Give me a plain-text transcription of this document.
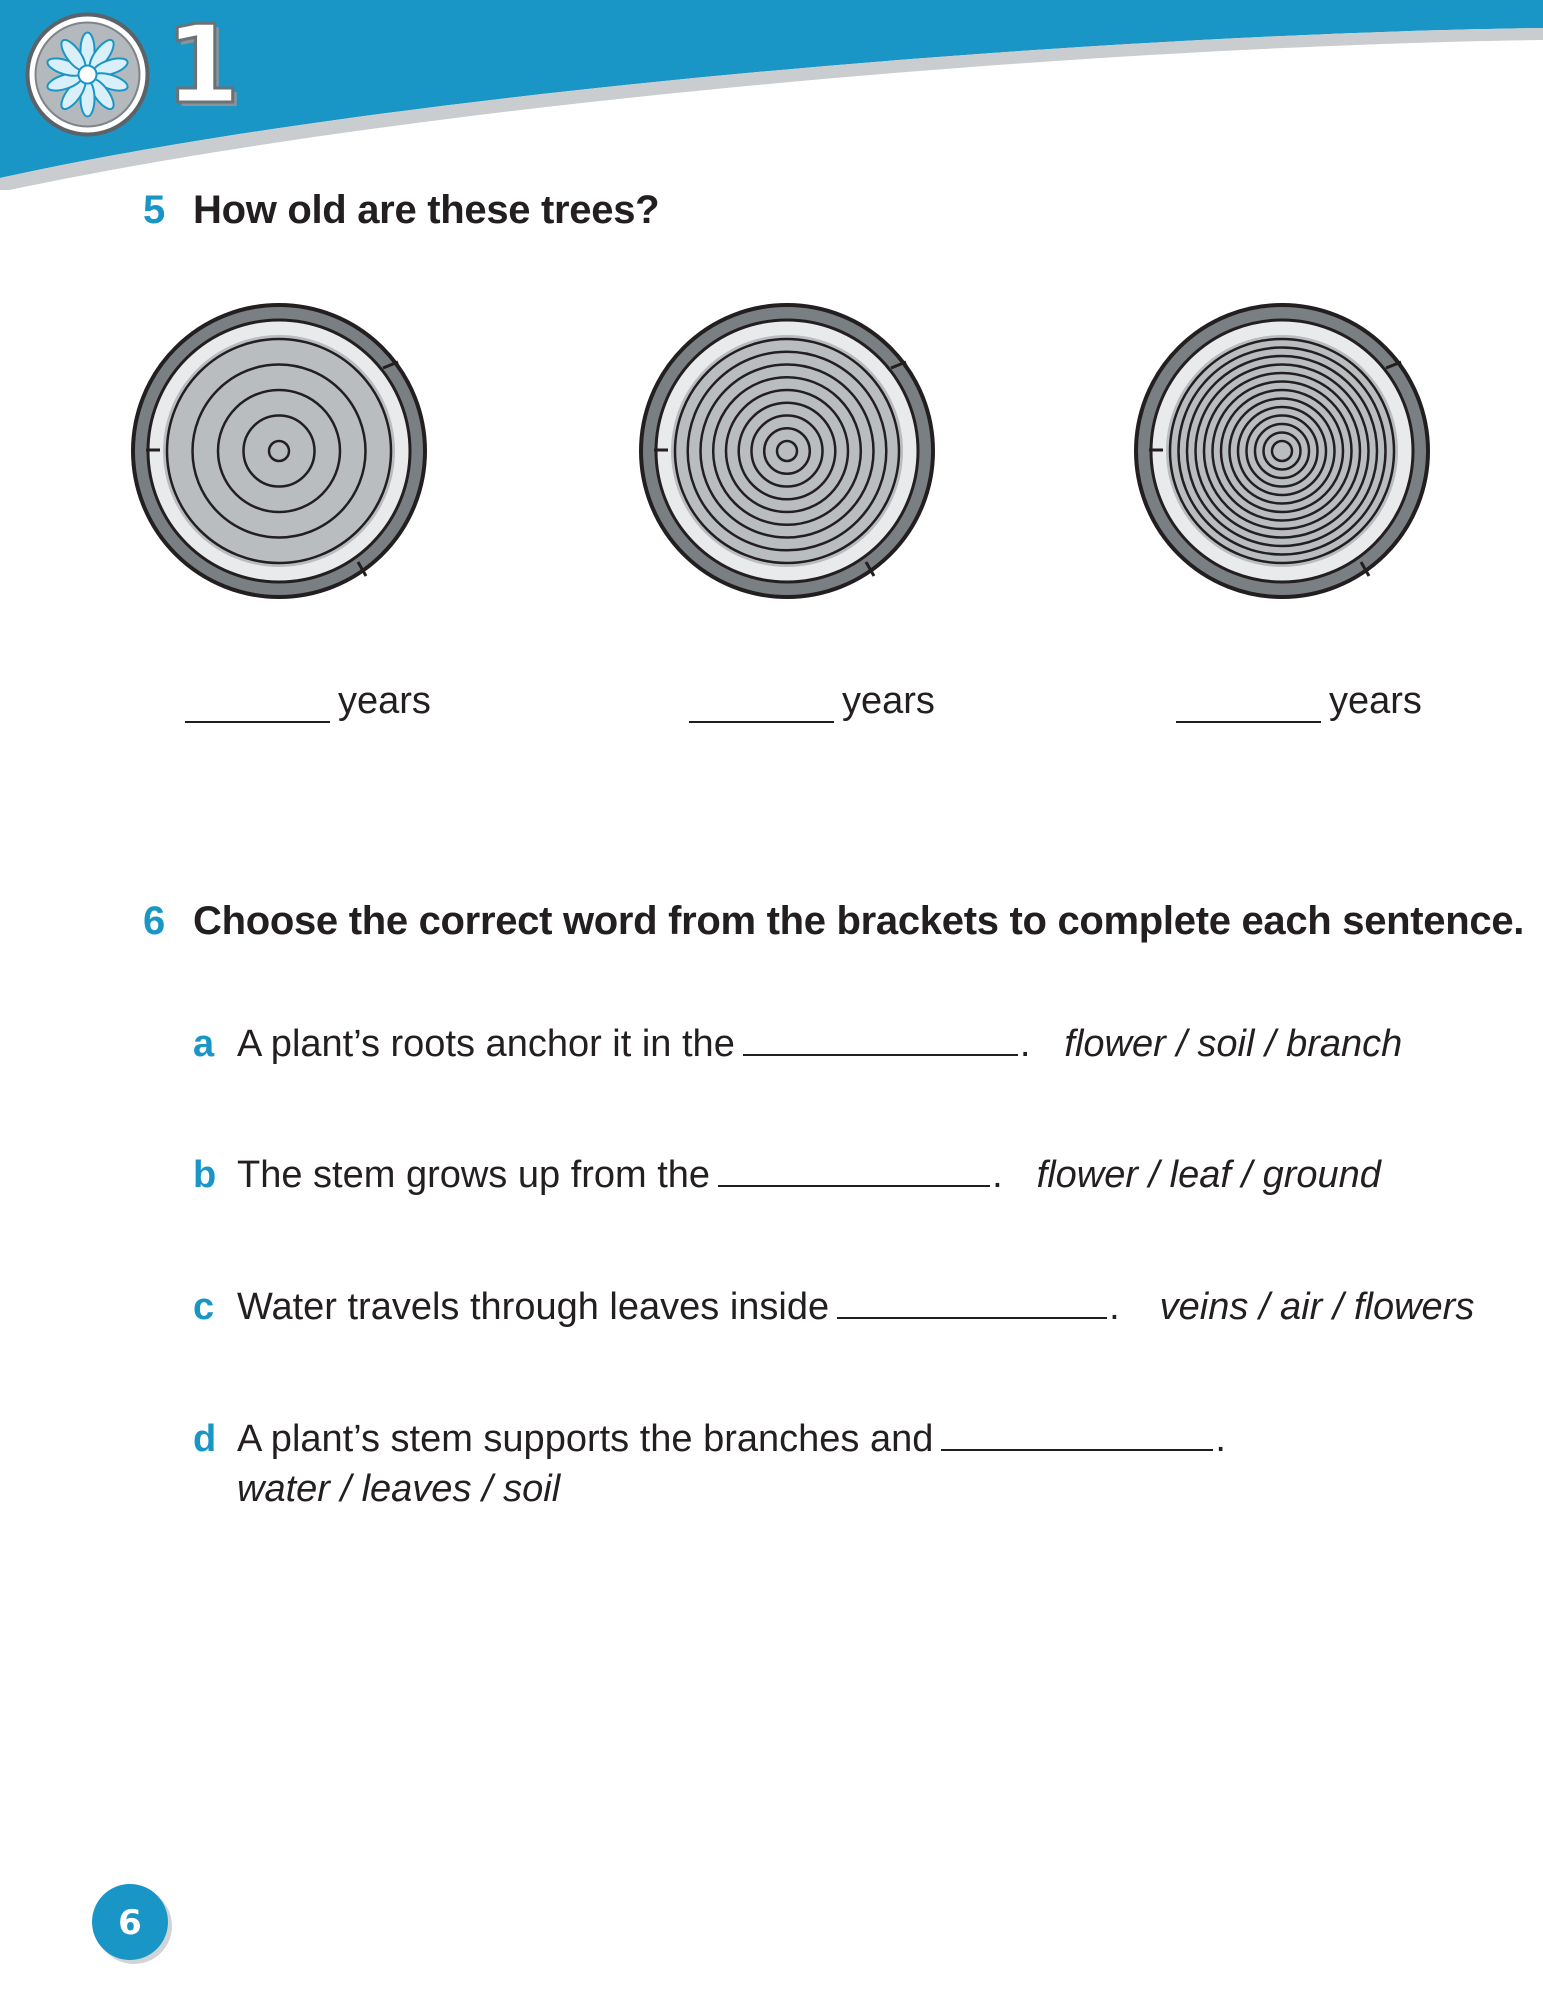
1
5 How old are these trees?
years	years	years
6 Choose the correct word from the brackets to complete each sentence.
a A plant’s roots anchor it in the	. flower / soil / branch
b The stem grows up from the	. flower / leaf / ground
c Water travels through leaves inside	. veins / air / flowers
d A plant’s stem supports the branches and	.
water / leaves / soil
6
